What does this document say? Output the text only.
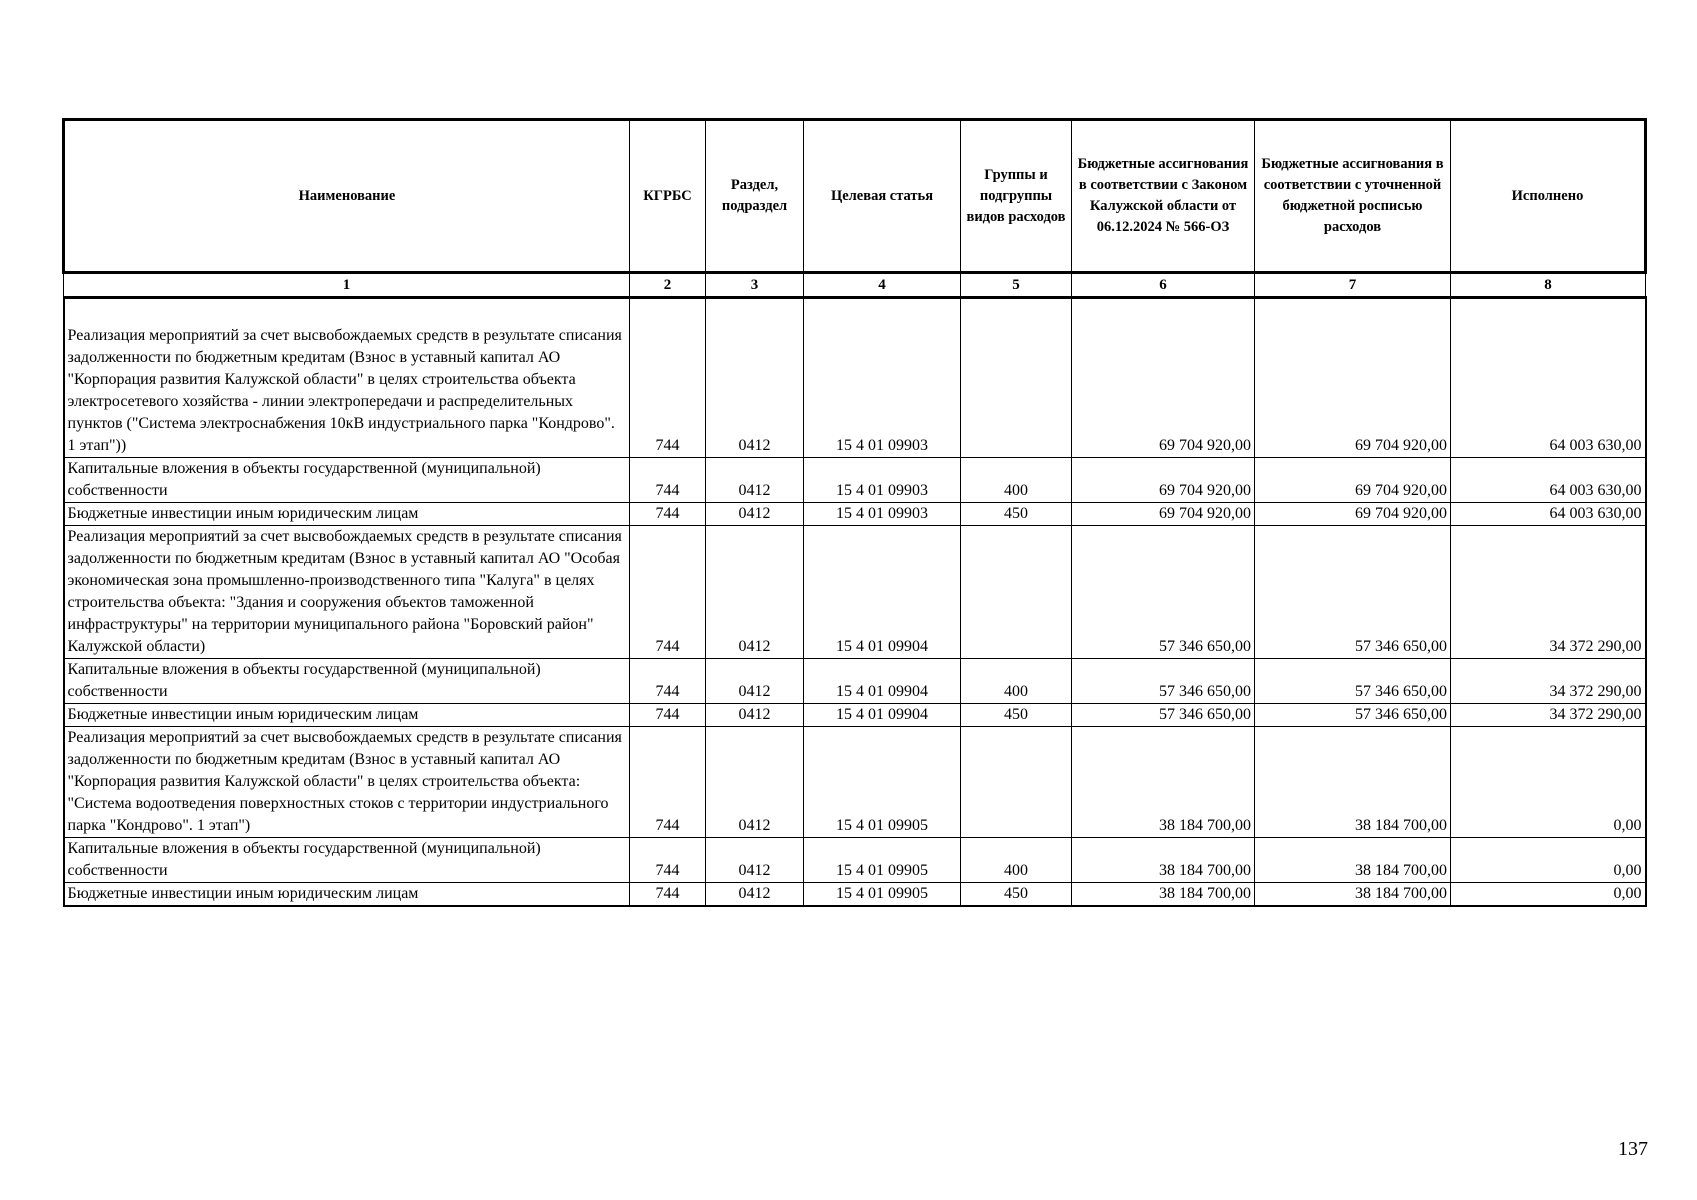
Наименование	КГРБС	Раздел, подраздел	Целевая статья	Группы и подгруппы видов расходов	Бюджетные ассигнования в соответствии с Законом Калужской области от 06.12.2024 № 566-ОЗ	Бюджетные ассигнования в соответствии с уточненной бюджетной росписью расходов	Исполнено
1	2	3	4	5	6	7	8
Реализация мероприятий за счет высвобождаемых средств в результате списания задолженности по бюджетным кредитам (Взнос в уставный капитал АО "Корпорация развития Калужской области" в целях строительства объекта электросетевого хозяйства - линии электропередачи и распределительных пунктов ("Система электроснабжения 10кВ индустриального парка "Кондрово". 1 этап"))	744	0412	15 4 01 09903		69 704 920,00	69 704 920,00	64 003 630,00
Капитальные вложения в объекты государственной (муниципальной) собственности	744	0412	15 4 01 09903	400	69 704 920,00	69 704 920,00	64 003 630,00
Бюджетные инвестиции иным юридическим лицам	744	0412	15 4 01 09903	450	69 704 920,00	69 704 920,00	64 003 630,00
Реализация мероприятий за счет высвобождаемых средств в результате списания задолженности по бюджетным кредитам (Взнос в уставный капитал АО "Особая экономическая зона промышленно-производственного типа "Калуга" в целях строительства объекта: "Здания и сооружения объектов таможенной инфраструктуры" на территории муниципального района "Боровский район" Калужской области)	744	0412	15 4 01 09904		57 346 650,00	57 346 650,00	34 372 290,00
Капитальные вложения в объекты государственной (муниципальной) собственности	744	0412	15 4 01 09904	400	57 346 650,00	57 346 650,00	34 372 290,00
Бюджетные инвестиции иным юридическим лицам	744	0412	15 4 01 09904	450	57 346 650,00	57 346 650,00	34 372 290,00
Реализация мероприятий за счет высвобождаемых средств в результате списания задолженности по бюджетным кредитам (Взнос в уставный капитал АО "Корпорация развития Калужской области" в целях строительства объекта: "Система водоотведения поверхностных стоков с территории индустриального парка "Кондрово". 1 этап")	744	0412	15 4 01 09905		38 184 700,00	38 184 700,00	0,00
Капитальные вложения в объекты государственной (муниципальной) собственности	744	0412	15 4 01 09905	400	38 184 700,00	38 184 700,00	0,00
Бюджетные инвестиции иным юридическим лицам	744	0412	15 4 01 09905	450	38 184 700,00	38 184 700,00	0,00
137
